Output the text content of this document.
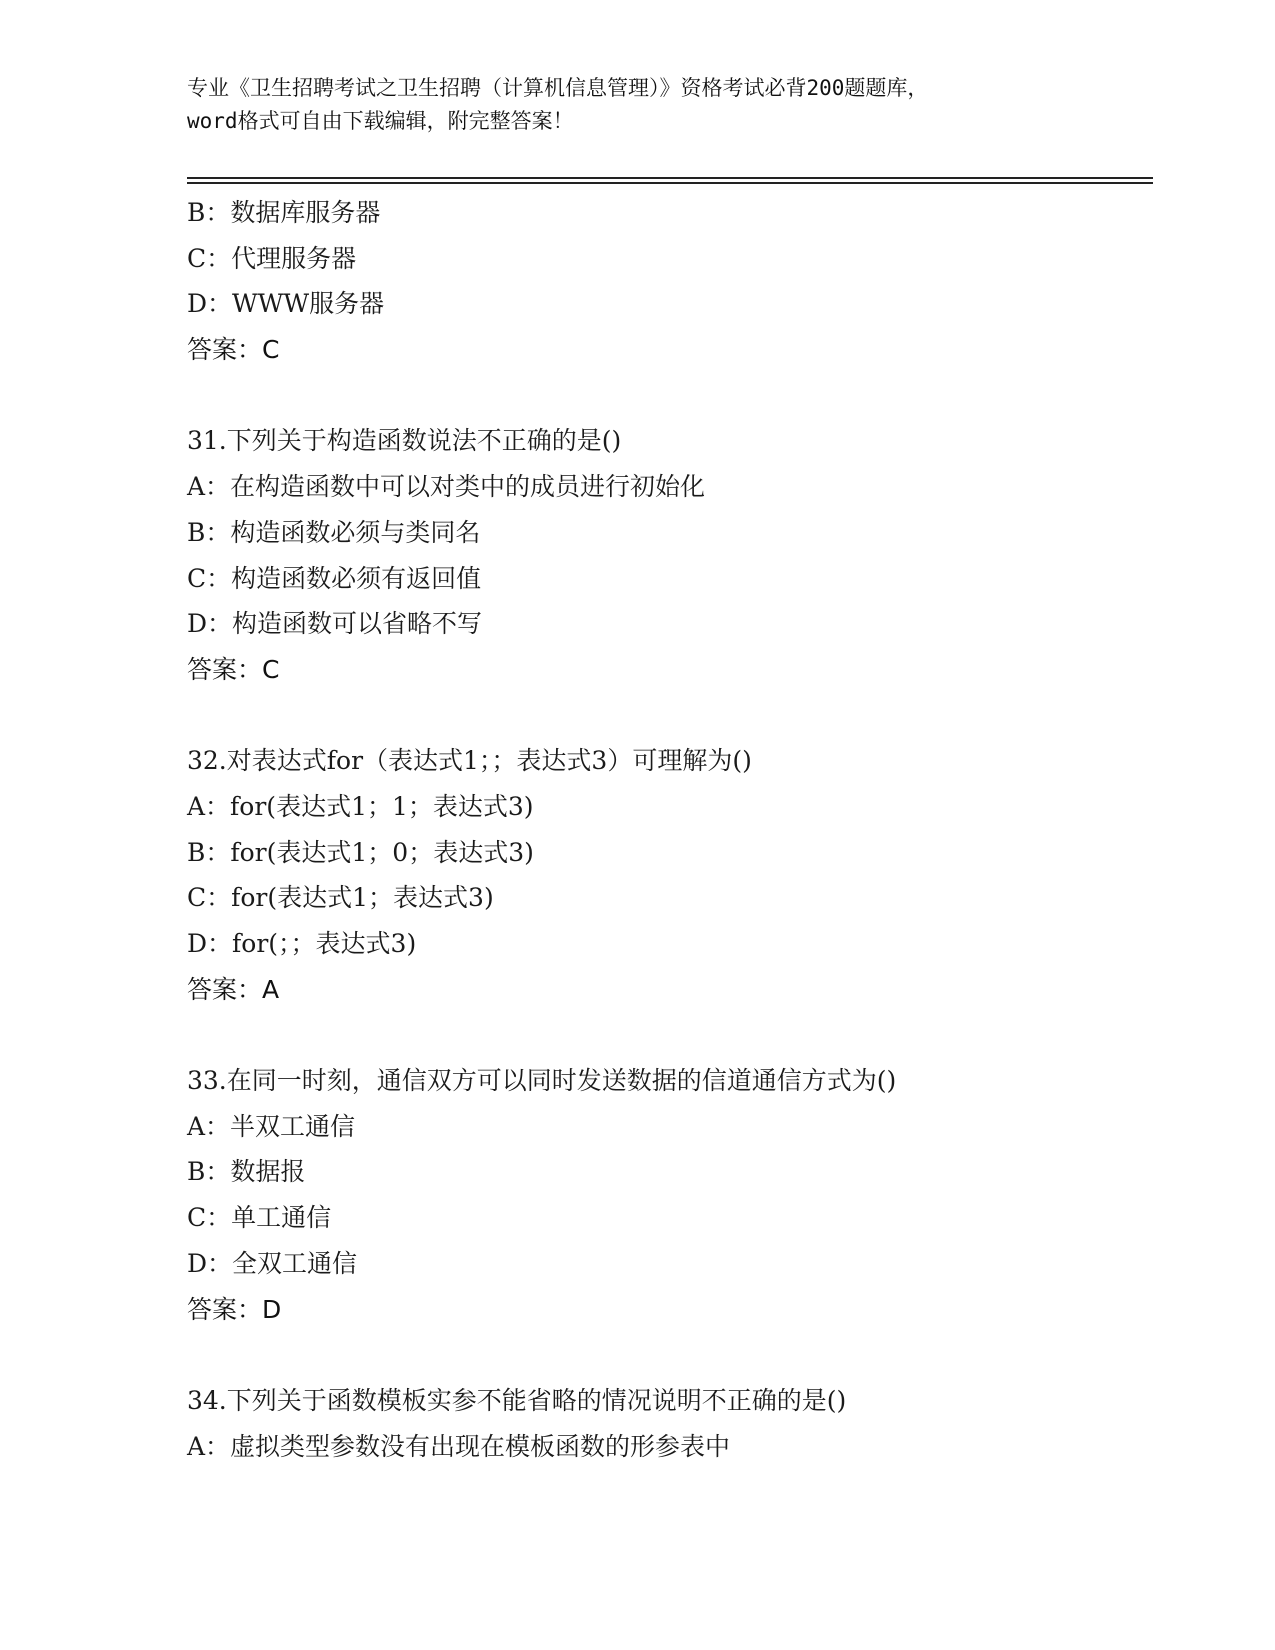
专业《卫生招聘考试之卫生招聘（计算机信息管理）》资格考试必背200题题库，
word格式可自由下载编辑，附完整答案！
B：数据库服务器
C：代理服务器
D：WWW服务器
答案：C
31.下列关于构造函数说法不正确的是()
A：在构造函数中可以对类中的成员进行初始化
B：构造函数必须与类同名
C：构造函数必须有返回值
D：构造函数可以省略不写
答案：C
32.对表达式for（表达式1；；表达式3）可理解为()
A：for(表达式1；1；表达式3)
B：for(表达式1；0；表达式3)
C：for(表达式1；表达式3)
D：for(；；表达式3)
答案：A
33.在同一时刻，通信双方可以同时发送数据的信道通信方式为()
A：半双工通信
B：数据报
C：单工通信
D：全双工通信
答案：D
34.下列关于函数模板实参不能省略的情况说明不正确的是()
A：虚拟类型参数没有出现在模板函数的形参表中
